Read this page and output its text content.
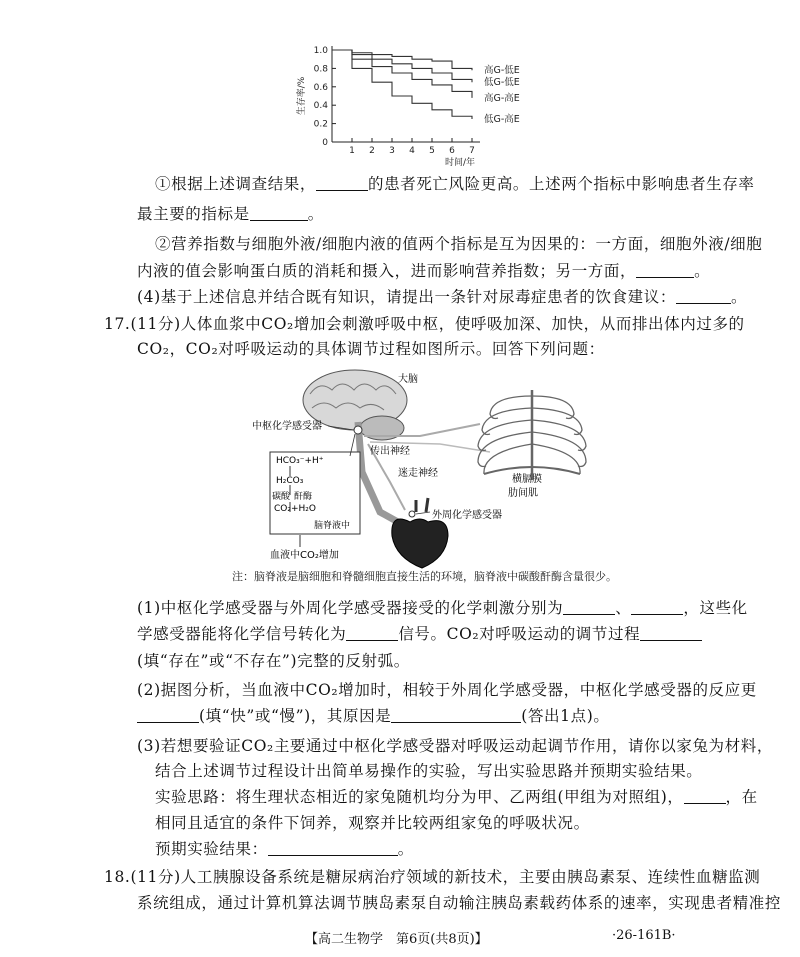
0
0.2
0.4
0.6
0.8
1.0
1 2 3 4 5 6 7
时间/年
生存率/%
高G-低E
低G-低E
高G-高E
低G-高E
①根据上述调查结果，	的患者死亡风险更高。上述两个指标中影响患者生存率
最主要的指标是	。
②营养指数与细胞外液/细胞内液的值两个指标是互为因果的：一方面，细胞外液/细胞
内液的值会影响蛋白质的消耗和摄入，进而影响营养指数；另一方面，	。
(4)基于上述信息并结合既有知识，请提出一条针对尿毒症患者的饮食建议：	。
17.(11分)人体血浆中CO₂增加会刺激呼吸中枢，使呼吸加深、加快，从而排出体内过多的
CO₂，CO₂对呼吸运动的具体调节过程如图所示。回答下列问题：
大脑
中枢化学感受器
传出神经
迷走神经
横膈膜
肋间肌
外周化学感受器
HCO₃⁻+H⁺
H₂CO₃
碳酸 酐酶
CO₂+H₂O
脑脊液中
血液中CO₂增加
注：脑脊液是脑细胞和脊髓细胞直接生活的环境，脑脊液中碳酸酐酶含量很少。
(1)中枢化学感受器与外周化学感受器接受的化学刺激分别为	、	，这些化
学感受器能将化学信号转化为	信号。CO₂对呼吸运动的调节过程
(填“存在”或“不存在”)完整的反射弧。
(2)据图分析，当血液中CO₂增加时，相较于外周化学感受器，中枢化学感受器的反应更
(填“快”或“慢”)，其原因是	(答出1点)。
(3)若想要验证CO₂主要通过中枢化学感受器对呼吸运动起调节作用，请你以家兔为材料，
结合上述调节过程设计出简单易操作的实验，写出实验思路并预期实验结果。
实验思路：将生理状态相近的家兔随机均分为甲、乙两组(甲组为对照组)，	，在
相同且适宜的条件下饲养，观察并比较两组家兔的呼吸状况。
预期实验结果：	。
18.(11分)人工胰腺设备系统是糖尿病治疗领域的新技术，主要由胰岛素泵、连续性血糖监测
系统组成，通过计算机算法调节胰岛素泵自动输注胰岛素载药体系的速率，实现患者精准控
【高二生物学　第6页(共8页)】	·26-161B·
